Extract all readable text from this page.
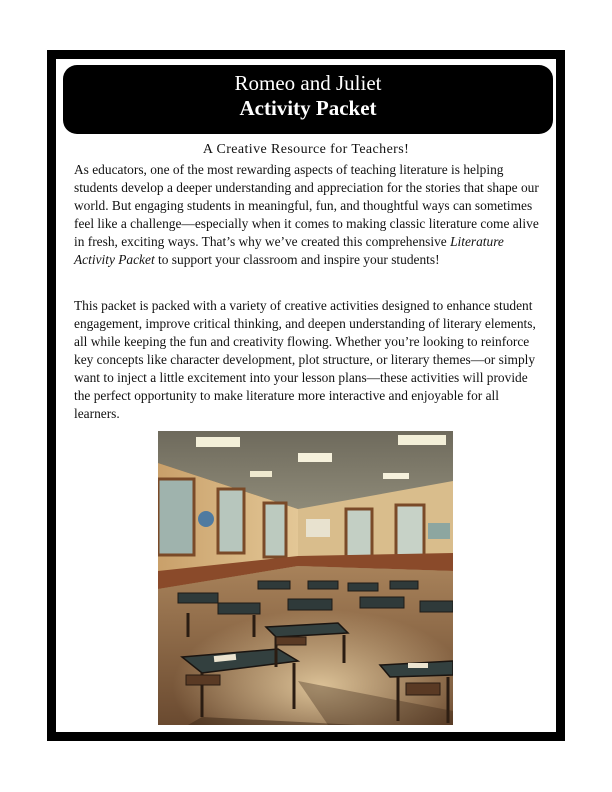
Romeo and Juliet
Activity Packet
A Creative Resource for Teachers!
As educators, one of the most rewarding aspects of teaching literature is helping students develop a deeper understanding and appreciation for the stories that shape our world. But engaging students in meaningful, fun, and thoughtful ways can sometimes feel like a challenge—especially when it comes to making classic literature come alive in fresh, exciting ways. That’s why we’ve created this comprehensive Literature Activity Packet to support your classroom and inspire your students!
This packet is packed with a variety of creative activities designed to enhance student engagement, improve critical thinking, and deepen understanding of literary elements, all while keeping the fun and creativity flowing. Whether you’re looking to reinforce key concepts like character development, plot structure, or literary themes—or simply want to inject a little excitement into your lesson plans—these activities will provide the perfect opportunity to make literature more interactive and enjoyable for all learners.
